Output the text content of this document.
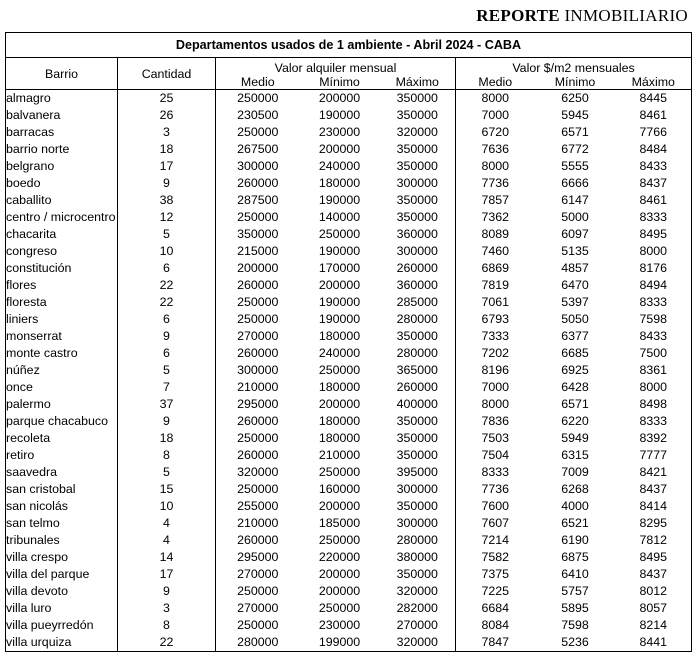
REPORTE INMOBILIARIO
Departamentos usados de 1 ambiente - Abril 2024 - CABA							
Barrio	Cantidad	Valor alquiler mensual			Valor $/m2 mensuales		
		Medio	Mínimo	Máximo	Medio	Mínimo	Máximo
almagro	25	250000	200000	350000	8000	6250	8445
balvanera	26	230500	190000	350000	7000	5945	8461
barracas	3	250000	230000	320000	6720	6571	7766
barrio norte	18	267500	200000	350000	7636	6772	8484
belgrano	17	300000	240000	350000	8000	5555	8433
boedo	9	260000	180000	300000	7736	6666	8437
caballito	38	287500	190000	350000	7857	6147	8461
centro / microcentro	12	250000	140000	350000	7362	5000	8333
chacarita	5	350000	250000	360000	8089	6097	8495
congreso	10	215000	190000	300000	7460	5135	8000
constitución	6	200000	170000	260000	6869	4857	8176
flores	22	260000	200000	360000	7819	6470	8494
floresta	22	250000	190000	285000	7061	5397	8333
liniers	6	250000	190000	280000	6793	5050	7598
monserrat	9	270000	180000	350000	7333	6377	8433
monte castro	6	260000	240000	280000	7202	6685	7500
núñez	5	300000	250000	365000	8196	6925	8361
once	7	210000	180000	260000	7000	6428	8000
palermo	37	295000	200000	400000	8000	6571	8498
parque chacabuco	9	260000	180000	350000	7836	6220	8333
recoleta	18	250000	180000	350000	7503	5949	8392
retiro	8	260000	210000	350000	7504	6315	7777
saavedra	5	320000	250000	395000	8333	7009	8421
san cristobal	15	250000	160000	300000	7736	6268	8437
san nicolás	10	255000	200000	350000	7600	4000	8414
san telmo	4	210000	185000	300000	7607	6521	8295
tribunales	4	260000	250000	280000	7214	6190	7812
villa crespo	14	295000	220000	380000	7582	6875	8495
villa del parque	17	270000	200000	350000	7375	6410	8437
villa devoto	9	250000	200000	320000	7225	5757	8012
villa luro	3	270000	250000	282000	6684	5895	8057
villa pueyrredón	8	250000	230000	270000	8084	7598	8214
villa urquiza	22	280000	199000	320000	7847	5236	8441
